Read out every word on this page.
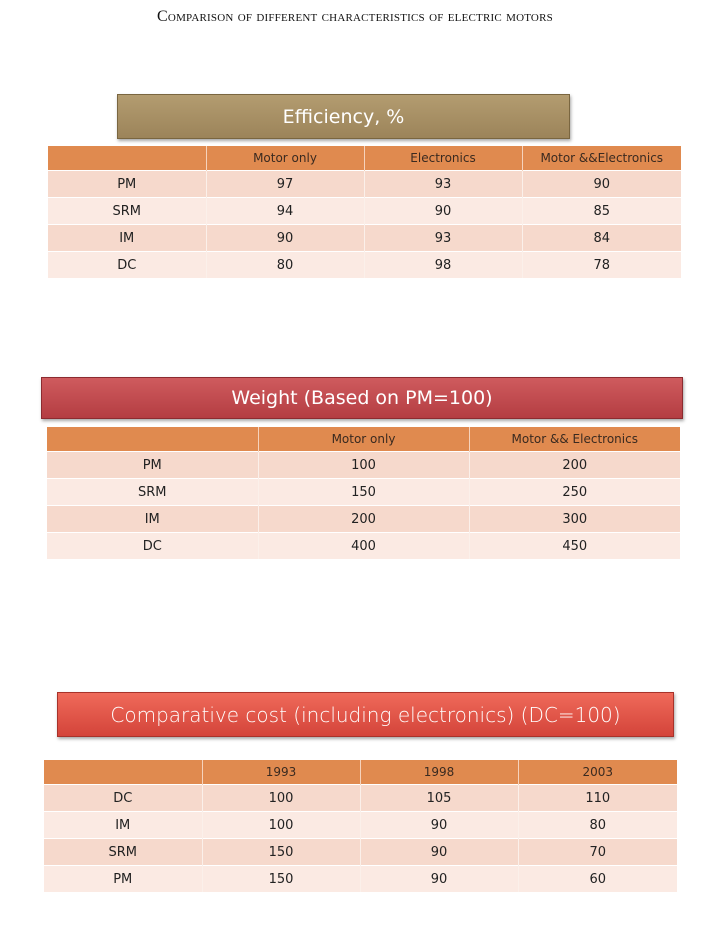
Comparison of different characteristics of electric motors
Efficiency, %
	Motor only	Electronics	Motor &&Electronics
PM	97	93	90
SRM	94	90	85
IM	90	93	84
DC	80	98	78
Weight (Based on PM=100)
	Motor only	Motor && Electronics
PM	100	200
SRM	150	250
IM	200	300
DC	400	450
Comparative cost (including electronics) (DC=100)
	1993	1998	2003
DC	100	105	110
IM	100	90	80
SRM	150	90	70
PM	150	90	60
